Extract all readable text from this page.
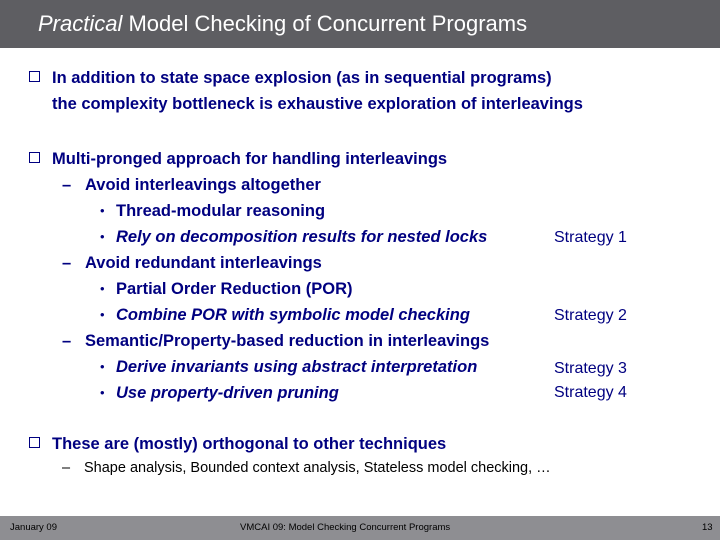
Practical Model Checking of Concurrent Programs
In addition to state space explosion (as in sequential programs)
the complexity bottleneck is exhaustive exploration of interleavings
Multi-pronged approach for handling interleavings
– Avoid interleavings altogether
• Thread-modular reasoning
• Rely on decomposition results for nested locks	Strategy 1
– Avoid redundant interleavings
• Partial Order Reduction (POR)
• Combine POR with symbolic model checking	Strategy 2
– Semantic/Property-based reduction in interleavings
• Derive invariants using abstract interpretation	Strategy 3
• Use property-driven pruning	Strategy 4
These are (mostly) orthogonal to other techniques
– Shape analysis, Bounded context analysis, Stateless model checking, …
January 09	VMCAI 09: Model Checking Concurrent Programs	13
